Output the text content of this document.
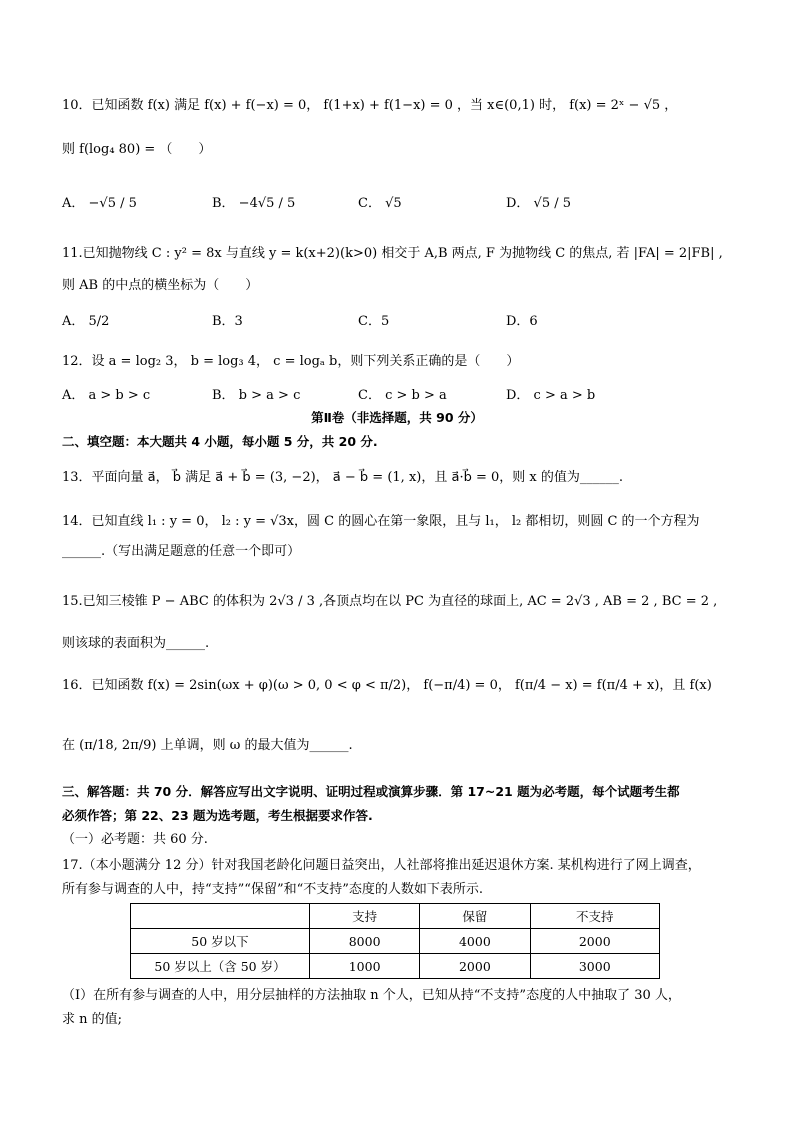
10．已知函数 f(x) 满足 f(x) + f(−x) = 0， f(1+x) + f(1−x) = 0 ，当 x∈(0,1) 时， f(x) = 2ˣ − √5 ，
则 f(log₄ 80) = （　　）
A． −√5 / 5	B． −4√5 / 5	C． √5	D． √5 / 5
11.已知抛物线 C : y² = 8x 与直线 y = k(x+2)(k>0) 相交于 A,B 两点, F 为抛物线 C 的焦点, 若 |FA| = 2|FB| ,
则 AB 的中点的横坐标为（　　）
A． 5/2	B．3	C．5	D．6
12．设 a = log₂ 3， b = log₃ 4， c = logₐ b，则下列关系正确的是（　　）
A． a > b > c	B． b > a > c	C． c > b > a	D． c > a > b
第Ⅱ卷（非选择题，共 90 分）
二、填空题：本大题共 4 小题，每小题 5 分，共 20 分.
13．平面向量 a⃗， b⃗ 满足 a⃗ + b⃗ = (3, −2)， a⃗ − b⃗ = (1, x)，且 a⃗·b⃗ = 0，则 x 的值为______.
14．已知直线 l₁ : y = 0， l₂ : y = √3x，圆 C 的圆心在第一象限，且与 l₁， l₂ 都相切，则圆 C 的一个方程为
______.（写出满足题意的任意一个即可）
15.已知三棱锥 P − ABC 的体积为 2√3 / 3 ,各顶点均在以 PC 为直径的球面上, AC = 2√3 , AB = 2 , BC = 2 ,
则该球的表面积为______.
16．已知函数 f(x) = 2sin(ωx + φ)(ω > 0, 0 < φ < π/2)， f(−π/4) = 0， f(π/4 − x) = f(π/4 + x)，且 f(x)
在 (π/18, 2π/9) 上单调，则 ω 的最大值为______.
三、解答题：共 70 分．解答应写出文字说明、证明过程或演算步骤．第 17~21 题为必考题，每个试题考生都
必须作答；第 22、23 题为选考题，考生根据要求作答.
（一）必考题：共 60 分.
17.（本小题满分 12 分）针对我国老龄化问题日益突出，人社部将推出延迟退休方案. 某机构进行了网上调查，
所有参与调查的人中，持“支持”“保留”和“不支持”态度的人数如下表所示.
	支持	保留	不支持
50 岁以下	8000	4000	2000
50 岁以上（含 50 岁）	1000	2000	3000
（Ⅰ）在所有参与调查的人中，用分层抽样的方法抽取 n 个人，已知从持“不支持”态度的人中抽取了 30 人，
求 n 的值;
